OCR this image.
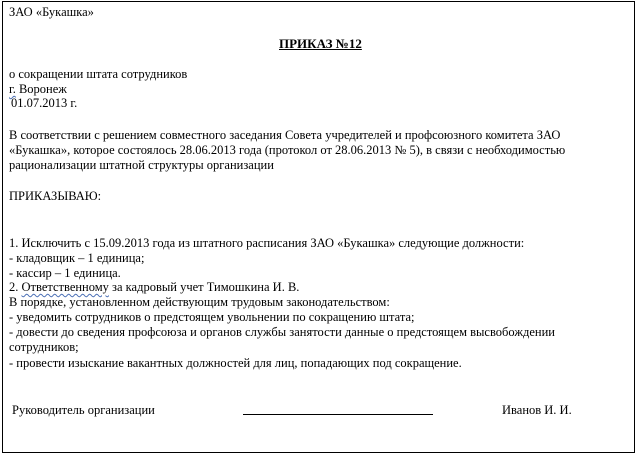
ЗАО «Букашка»
ПРИКАЗ №12
о сокращении штата сотрудников
г. Воронеж
01.07.2013 г.
В соответствии с решением совместного заседания Совета учредителей и профсоюзного комитета ЗАО
«Букашка», которое состоялось 28.06.2013 года (протокол от 28.06.2013 № 5), в связи с необходимостью
рационализации штатной структуры организации
ПРИКАЗЫВАЮ:
1. Исключить с 15.09.2013 года из штатного расписания ЗАО «Букашка» следующие должности:
- кладовщик – 1 единица;
- кассир – 1 единица.
2. Ответственному за кадровый учет Тимошкина И. В.
В порядке, установленном действующим трудовым законодательством:
- уведомить сотрудников о предстоящем увольнении по сокращению штата;
- довести до сведения профсоюза и органов службы занятости данные о предстоящем высвобождении
сотрудников;
- провести изыскание вакантных должностей для лиц, попадающих под сокращение.
Руководитель организации	Иванов И. И.
